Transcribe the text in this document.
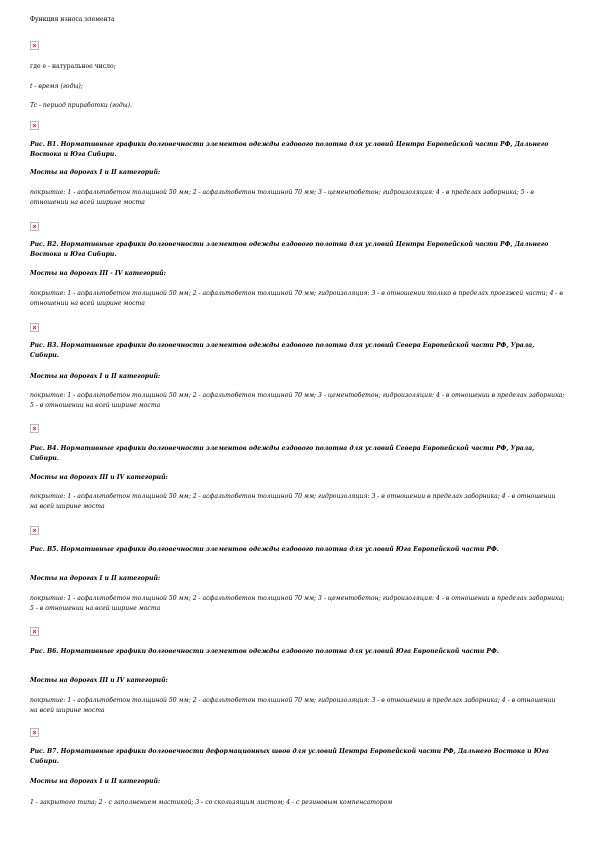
Функция износа элемента

где e - натуральное число;

t - время (годы);

Tc - период приработки (годы).

Рис. В1. Нормативные графики долговечности элементов одежды ездового полотна для условий Центра Европейской части РФ, Дальнего Востока и Юга Сибири.

Мосты на дорогах I и II категорий:

покрытие: 1 - асфальтобетон толщиной 50 мм; 2 - асфальтобетон толщиной 70 мм; 3 - цементобетон; гидроизоляция: 4 - в пределах заборника; 5 - в отношении на всей ширине моста

Рис. В2. Нормативные графики долговечности элементов одежды ездового полотна для условий Центра Европейской части РФ, Дальнего Востока и Юга Сибири.

Мосты на дорогах III - IV категорий:

покрытие: 1 - асфальтобетон толщиной 50 мм; 2 - асфальтобетон толщиной 70 мм; гидроизоляция: 3 - в отношении только в пределах проезжей части; 4 - в отношении на всей ширине моста

Рис. В3. Нормативные графики долговечности элементов одежды ездового полотна для условий Севера Европейской части РФ, Урала, Сибири.

Мосты на дорогах I и II категорий:

покрытие: 1 - асфальтобетон толщиной 50 мм; 2 - асфальтобетон толщиной 70 мм; 3 - цементобетон; гидроизоляция: 4 - в отношении в пределах заборника; 5 - в отношении на всей ширине моста

Рис. В4. Нормативные графики долговечности элементов одежды ездового полотна для условий Севера Европейской части РФ, Урала, Сибири.

Мосты на дорогах III и IV категорий:

покрытие: 1 - асфальтобетон толщиной 50 мм; 2 - асфальтобетон толщиной 70 мм; гидроизоляция: 3 - в отношении в пределах заборника; 4 - в отношении на всей ширине моста

Рис. В5. Нормативные графики долговечности элементов одежды ездового полотна для условий Юга Европейской части РФ.

Мосты на дорогах I и II категорий:

покрытие: 1 - асфальтобетон толщиной 50 мм; 2 - асфальтобетон толщиной 70 мм; 3 - цементобетон; гидроизоляция: 4 - в отношении в пределах заборника; 5 - в отношении на всей ширине моста

Рис. В6. Нормативные графики долговечности элементов одежды ездового полотна для условий Юга Европейской части РФ.

Мосты на дорогах III и IV категорий:

покрытие: 1 - асфальтобетон толщиной 50 мм; 2 - асфальтобетон толщиной 70 мм; гидроизоляция: 3 - в отношении в пределах заборника; 4 - в отношении на всей ширине моста

Рис. В7. Нормативные графики долговечности деформационных швов для условий Центра Европейской части РФ, Дальнего Востока и Юга Сибири.

Мосты на дорогах I и II категорий:

1 - закрытого типа; 2 - с заполнением мастикой; 3 - со скользящим листом; 4 - с резиновым компенсатором
